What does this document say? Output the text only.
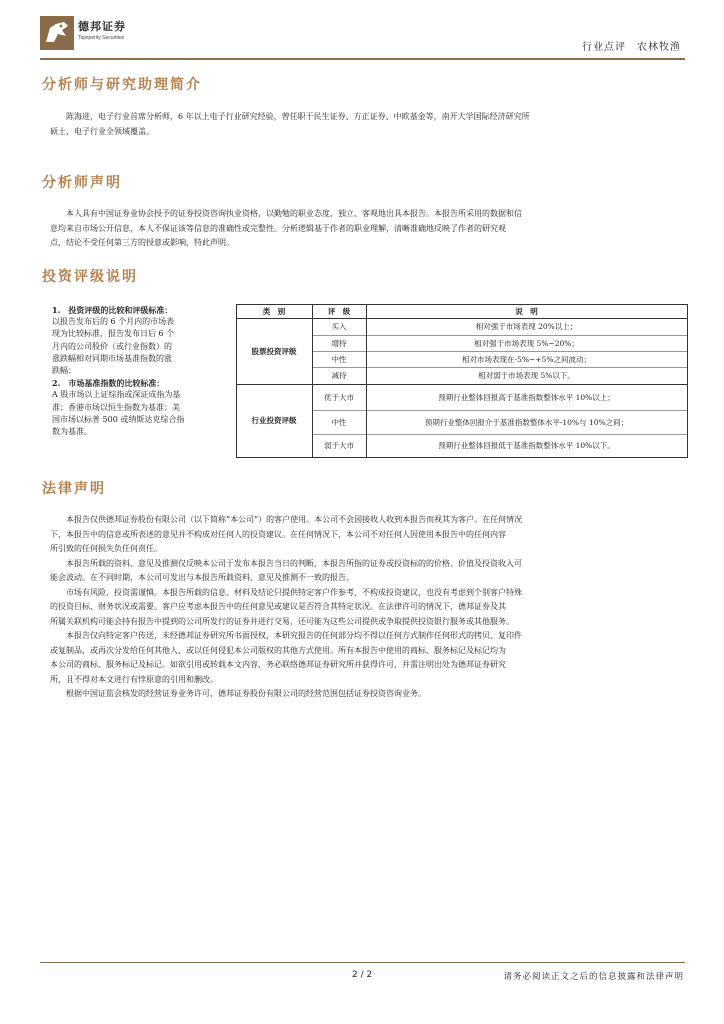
德邦证券
Topsperity Securities
行业点评　农林牧渔
分析师与研究助理简介

陈海进，电子行业首席分析师，6 年以上电子行业研究经验，曾任职于民生证券、方正证券、中欧基金等，南开大学国际经济研究所

硕士，电子行业全领域覆盖。

分析师声明

本人具有中国证券业协会授予的证券投资咨询执业资格，以勤勉的职业态度，独立、客观地出具本报告。本报告所采用的数据和信

息均来自市场公开信息，本人不保证该等信息的准确性或完整性。分析逻辑基于作者的职业理解，清晰准确地反映了作者的研究观

点，结论不受任何第三方的授意或影响，特此声明。

投资评级说明
1.　投资评级的比较和评级标准：
以报告发布后的 6 个月内的市场表
现为比较标准，报告发布日后 6 个
月内的公司股价（或行业指数）的
涨跌幅相对同期市场基准指数的涨
跌幅；
2.　市场基准指数的比较标准：
A 股市场以上证综指或深证成指为基
准；香港市场以恒生指数为基准；美
国市场以标普 500 或纳斯达克综合指
数为基准。
类　别	评　级	说　明
股票投资评级
买入	相对强于市场表现 20%以上；
增持	相对强于市场表现 5%~20%；
中性	相对市场表现在-5%~+5%之间波动；
减持	相对弱于市场表现 5%以下。
行业投资评级
优于大市	预期行业整体回报高于基准指数整体水平 10%以上；
中性	预期行业整体回报介于基准指数整体水平-10%与 10%之间；
弱于大市	预期行业整体回报低于基准指数整体水平 10%以下。
法律声明

本报告仅供德邦证券股份有限公司（以下简称“本公司”）的客户使用。本公司不会因接收人收到本报告而视其为客户。在任何情况

下，本报告中的信息或所表述的意见并不构成对任何人的投资建议。在任何情况下，本公司不对任何人因使用本报告中的任何内容

所引致的任何损失负任何责任。

本报告所载的资料、意见及推测仅反映本公司于发布本报告当日的判断，本报告所指的证券或投资标的的价格、价值及投资收入可

能会波动。在不同时期，本公司可发出与本报告所载资料、意见及推测不一致的报告。

市场有风险，投资需谨慎。本报告所载的信息、材料及结论只提供特定客户作参考，不构成投资建议，也没有考虑到个别客户特殊

的投资目标、财务状况或需要。客户应考虑本报告中的任何意见或建议是否符合其特定状况。在法律许可的情况下，德邦证券及其

所属关联机构可能会持有报告中提到的公司所发行的证券并进行交易，还可能为这些公司提供或争取提供投资银行服务或其他服务。

本报告仅向特定客户传送，未经德邦证券研究所书面授权，本研究报告的任何部分均不得以任何方式制作任何形式的拷贝、复印件

或复制品，或再次分发给任何其他人，或以任何侵犯本公司版权的其他方式使用。所有本报告中使用的商标、服务标记及标记均为

本公司的商标、服务标记及标记。如欲引用或转载本文内容，务必联络德邦证券研究所并获得许可，并需注明出处为德邦证券研究

所，且不得对本文进行有悖原意的引用和删改。

根据中国证监会核发的经营证券业务许可，德邦证券股份有限公司的经营范围包括证券投资咨询业务。

2 / 2	请务必阅读正文之后的信息披露和法律声明
